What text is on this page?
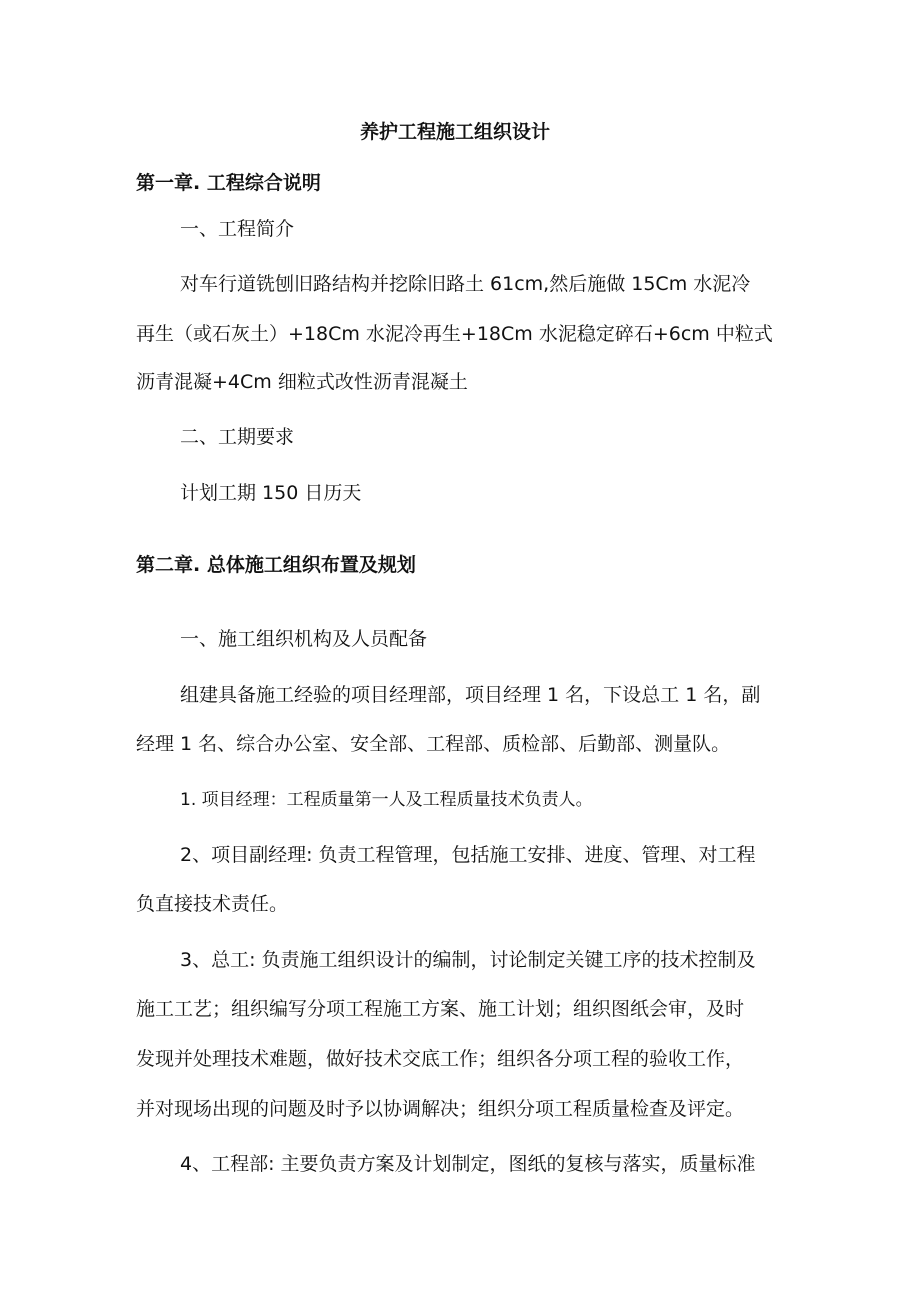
养护工程施工组织设计
第一章. 工程综合说明
一、工程简介
对车行道铣刨旧路结构并挖除旧路土 61cm,然后施做 15Cm 水泥冷
再生（或石灰土）+18Cm 水泥冷再生+18Cm 水泥稳定碎石+6cm 中粒式
沥青混凝+4Cm 细粒式改性沥青混凝土
二、工期要求
计划工期 150 日历天
第二章. 总体施工组织布置及规划
一、施工组织机构及人员配备
组建具备施工经验的项目经理部，项目经理 1 名，下设总工 1 名，副
经理 1 名、综合办公室、安全部、工程部、质检部、后勤部、测量队。
1. 项目经理：工程质量第一人及工程质量技术负责人。
2、项目副经理: 负责工程管理，包括施工安排、进度、管理、对工程
负直接技术责任。
3、总工: 负责施工组织设计的编制，讨论制定关键工序的技术控制及
施工工艺；组织编写分项工程施工方案、施工计划；组织图纸会审，及时
发现并处理技术难题，做好技术交底工作；组织各分项工程的验收工作，
并对现场出现的问题及时予以协调解决；组织分项工程质量检查及评定。
4、工程部: 主要负责方案及计划制定，图纸的复核与落实，质量标准
